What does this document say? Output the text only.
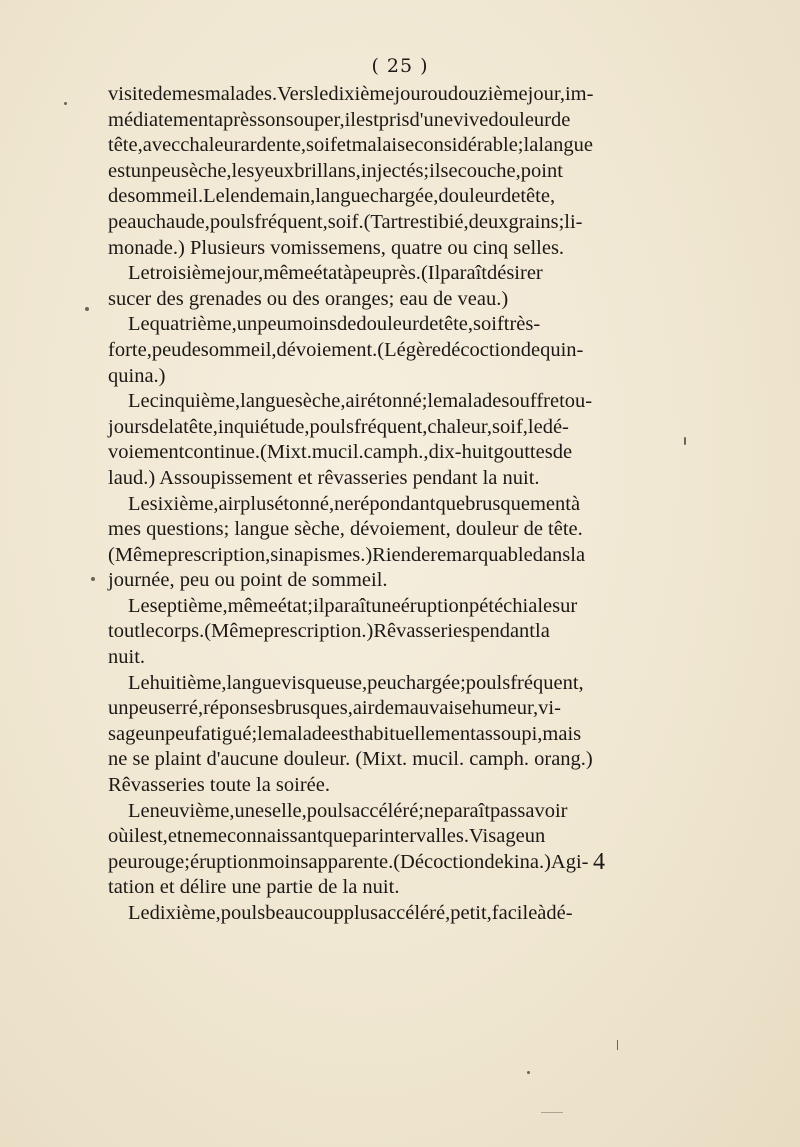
( 25 )
visite de mes malades. Vers le dixième jour ou douzième jour, im-
médiatement après son souper, il est pris d'une vive douleur de
tête, avec chaleur ardente, soif et malaise considérable; la langue
est un peu sèche, les yeux brillans, injectés; il se couche, point
de sommeil. Le lendemain, langue chargée, douleur de tête,
peau chaude, pouls fréquent, soif. (Tartre stibié, deux grains; li-
monade.) Plusieurs vomissemens, quatre ou cinq selles.
Le troisième jour, même état à peu près. (Il paraît désirer
sucer des grenades ou des oranges; eau de veau.)
Le quatrième, un peu moins de douleur de tête, soif très-
forte, peu de sommeil, dévoiement. (Légère décoction de quin-
quina.)
Le cinquième, langue sèche, air étonné; le malade souffre tou-
jours de la tête, inquiétude, pouls fréquent, chaleur, soif, le dé-
voiement continue. (Mixt. mucil. camph., dix-huit gouttes de
laud.) Assoupissement et rêvasseries pendant la nuit.
Le sixième, air plus étonné, ne répondant que brusquement à
mes questions; langue sèche, dévoiement, douleur de tête.
(Même prescription, sinapismes.) Rien de remarquable dans la
journée, peu ou point de sommeil.
Le septième, même état; il paraît une éruption pétéchiale sur
tout le corps. (Même prescription.) Rêvasseries pendant la
nuit.
Le huitième, langue visqueuse, peu chargée; pouls fréquent,
un peu serré, réponses brusques, air de mauvaise humeur, vi-
sage un peu fatigué; le malade est habituellement assoupi, mais
ne se plaint d'aucune douleur. (Mixt. mucil. camph. orang.)
Rêvasseries toute la soirée.
Le neuvième, une selle, pouls accéléré; ne paraît pas savoir
où il est, et ne me connaissant que par intervalles. Visage un
peu rouge; éruption moins apparente. (Décoction de kina.) Agi-
tation et délire une partie de la nuit.
Le dixième, pouls beaucoup plus accéléré, petit, facile à dé-
4
